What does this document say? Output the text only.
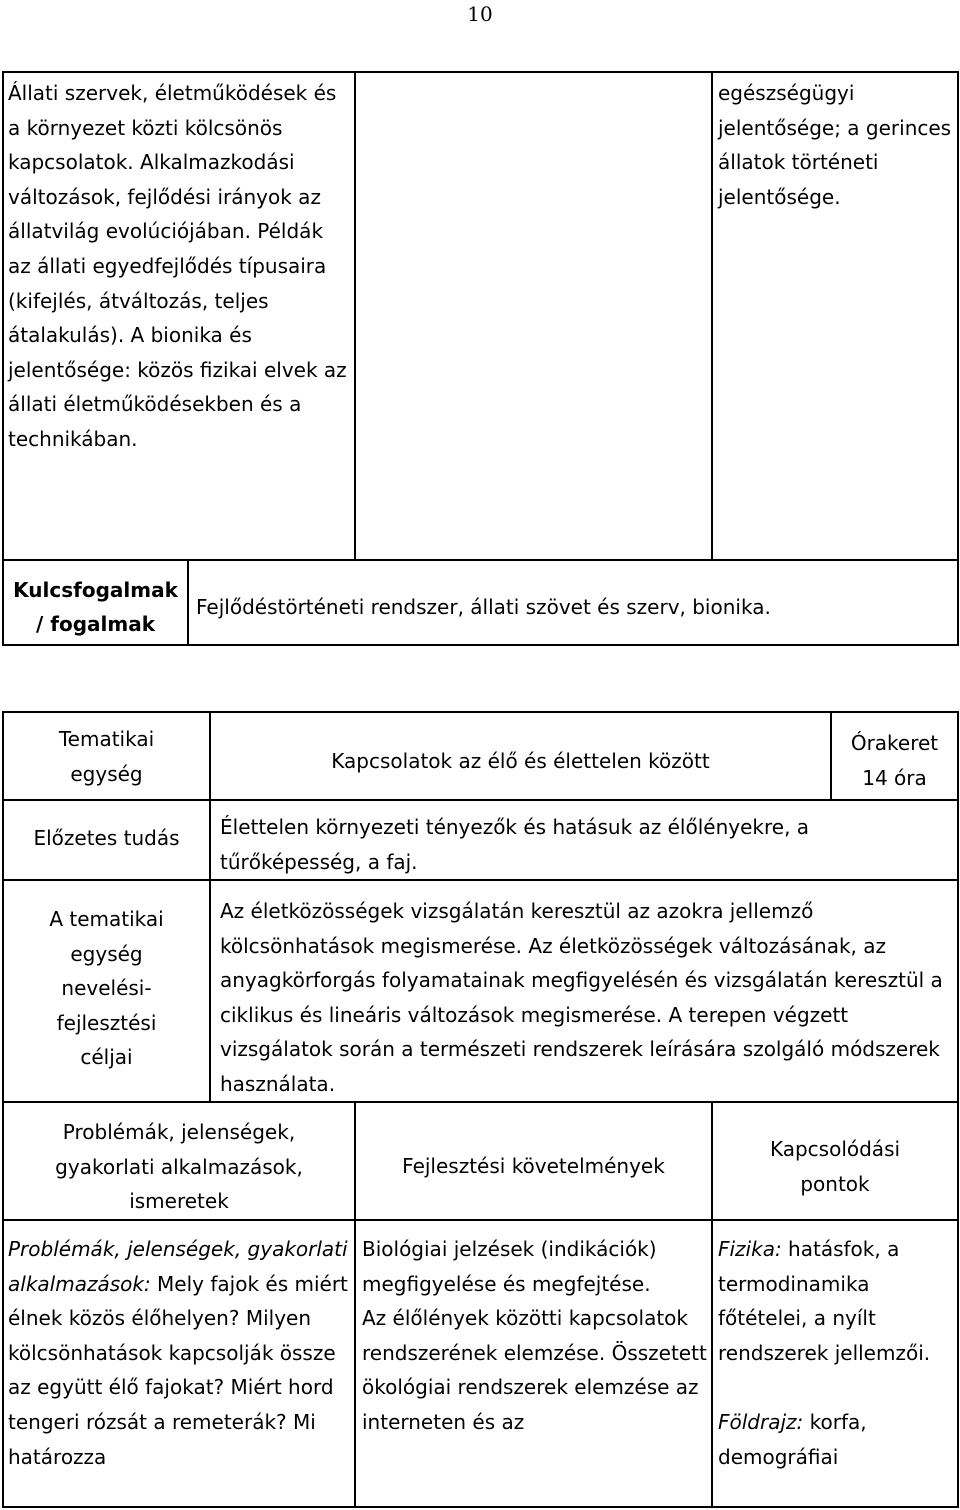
10
Állati szervek, életműködések és a környezet közti kölcsönös kapcsolatok. Alkalmazkodási változások, fejlődési irányok az állatvilág evolúciójában. Példák az állati egyedfejlődés típusaira (kifejlés, átváltozás, teljes átalakulás). A bionika és jelentősége: közös fizikai elvek az állati életműködésekben és a technikában.
egészségügyi jelentősége; a gerinces állatok történeti jelentősége.

Kulcsfogalmak

/ fogalmak

Fejlődéstörténeti rendszer, állati szövet és szerv, bionika.

Tematikai

egység

Kapcsolatok az élő és élettelen között

Órakeret

14 óra

Előzetes tudás	Élettelen környezeti tényezők és hatásuk az élőlényekre, a tűrőképesség, a faj.

A tematikai

egység

nevelési-

fejlesztési

céljai

Az életközösségek vizsgálatán keresztül az azokra jellemző kölcsönhatások megismerése. Az életközösségek változásának, az anyagkörforgás folyamatainak megfigyelésén és vizsgálatán keresztül a ciklikus és lineáris változások megismerése. A terepen végzett vizsgálatok során a természeti rendszerek leírására szolgáló módszerek használata.

Problémák, jelenségek,

gyakorlati alkalmazások,

ismeretek

Fejlesztési követelmények

Kapcsolódási

pontok

Problémák, jelenségek, gyakorlati alkalmazások: Mely fajok és miért élnek közös élőhelyen? Milyen kölcsönhatások kapcsolják össze az együtt élő fajokat? Miért hord tengeri rózsát a remeterák? Mi határozza

Biológiai jelzések (indikációk) megfigyelése és megfejtése.

Az élőlények közötti kapcsolatok rendszerének elemzése. Összetett ökológiai rendszerek elemzése az interneten és az

Fizika: hatásfok, a termodinamika főtételei, a nyílt rendszerek jellemzői.

Földrajz: korfa, demográfiai
